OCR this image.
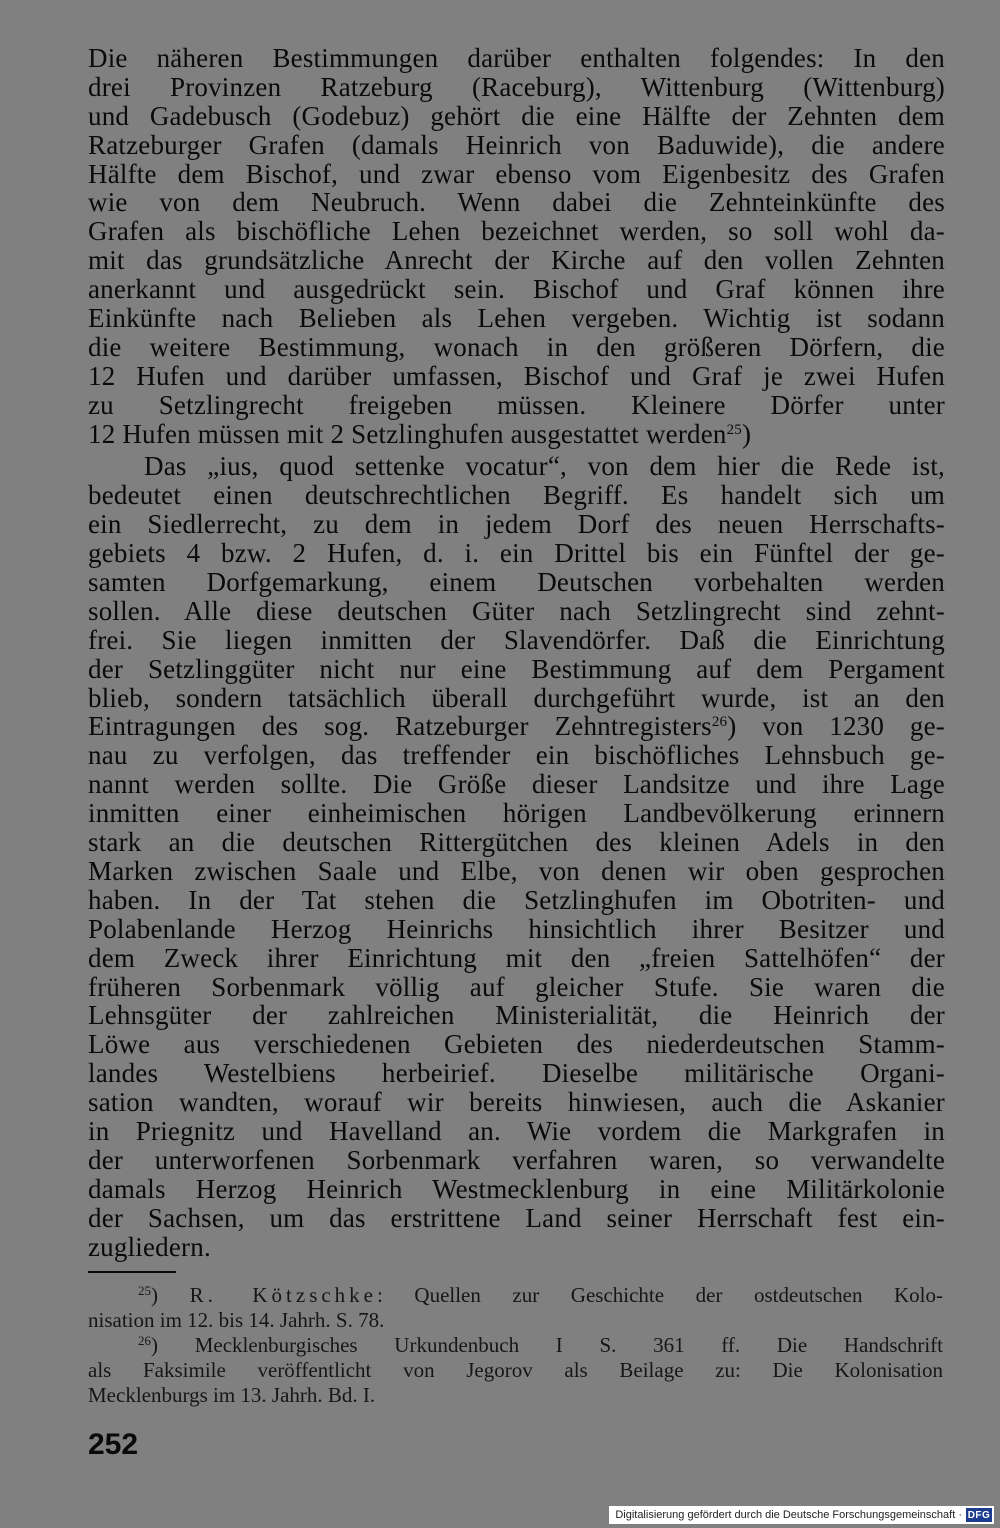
Die näheren Bestimmungen darüber enthalten folgendes: In den
drei Provinzen Ratzeburg (Raceburg), Wittenburg (Wittenburg)
und Gadebusch (Godebuz) gehört die eine Hälfte der Zehnten dem
Ratzeburger Grafen (damals Heinrich von Baduwide), die andere
Hälfte dem Bischof, und zwar ebenso vom Eigenbesitz des Grafen
wie von dem Neubruch. Wenn dabei die Zehnteinkünfte des
Grafen als bischöfliche Lehen bezeichnet werden, so soll wohl da-
mit das grundsätzliche Anrecht der Kirche auf den vollen Zehnten
anerkannt und ausgedrückt sein. Bischof und Graf können ihre
Einkünfte nach Belieben als Lehen vergeben. Wichtig ist sodann
die weitere Bestimmung, wonach in den größeren Dörfern, die
12 Hufen und darüber umfassen, Bischof und Graf je zwei Hufen
zu Setzlingrecht freigeben müssen. Kleinere Dörfer unter
12 Hufen müssen mit 2 Setzlinghufen ausgestattet werden$^{25}$)
Das „ius, quod settenke vocatur“, von dem hier die Rede ist,
bedeutet einen deutschrechtlichen Begriff. Es handelt sich um
ein Siedlerrecht, zu dem in jedem Dorf des neuen Herrschafts-
gebiets 4 bzw. 2 Hufen, d. i. ein Drittel bis ein Fünftel der ge-
samten Dorfgemarkung, einem Deutschen vorbehalten werden
sollen. Alle diese deutschen Güter nach Setzlingrecht sind zehnt-
frei. Sie liegen inmitten der Slavendörfer. Daß die Einrichtung
der Setzlinggüter nicht nur eine Bestimmung auf dem Pergament
blieb, sondern tatsächlich überall durchgeführt wurde, ist an den
Eintragungen des sog. Ratzeburger Zehntregisters$^{26}$) von 1230 ge-
nau zu verfolgen, das treffender ein bischöfliches Lehnsbuch ge-
nannt werden sollte. Die Größe dieser Landsitze und ihre Lage
inmitten einer einheimischen hörigen Landbevölkerung erinnern
stark an die deutschen Rittergütchen des kleinen Adels in den
Marken zwischen Saale und Elbe, von denen wir oben gesprochen
haben. In der Tat stehen die Setzlinghufen im Obotriten- und
Polabenlande Herzog Heinrichs hinsichtlich ihrer Besitzer und
dem Zweck ihrer Einrichtung mit den „freien Sattelhöfen“ der
früheren Sorbenmark völlig auf gleicher Stufe. Sie waren die
Lehnsgüter der zahlreichen Ministerialität, die Heinrich der
Löwe aus verschiedenen Gebieten des niederdeutschen Stamm-
landes Westelbiens herbeirief. Dieselbe militärische Organi-
sation wandten, worauf wir bereits hinwiesen, auch die Askanier
in Priegnitz und Havelland an. Wie vordem die Markgrafen in
der unterworfenen Sorbenmark verfahren waren, so verwandelte
damals Herzog Heinrich Westmecklenburg in eine Militärkolonie
der Sachsen, um das erstrittene Land seiner Herrschaft fest ein-
zugliedern.
$^{25}$) R. Kötzschke: Quellen zur Geschichte der ostdeutschen Kolo-
nisation im 12. bis 14. Jahrh. S. 78.
$^{26}$) Mecklenburgisches Urkundenbuch I S. 361 ff. Die Handschrift
als Faksimile veröffentlicht von Jegorov als Beilage zu: Die Kolonisation
Mecklenburgs im 13. Jahrh. Bd. I.
252
Digitalisierung gefördert durch die Deutsche Forschungsgemeinschaft · DFG
